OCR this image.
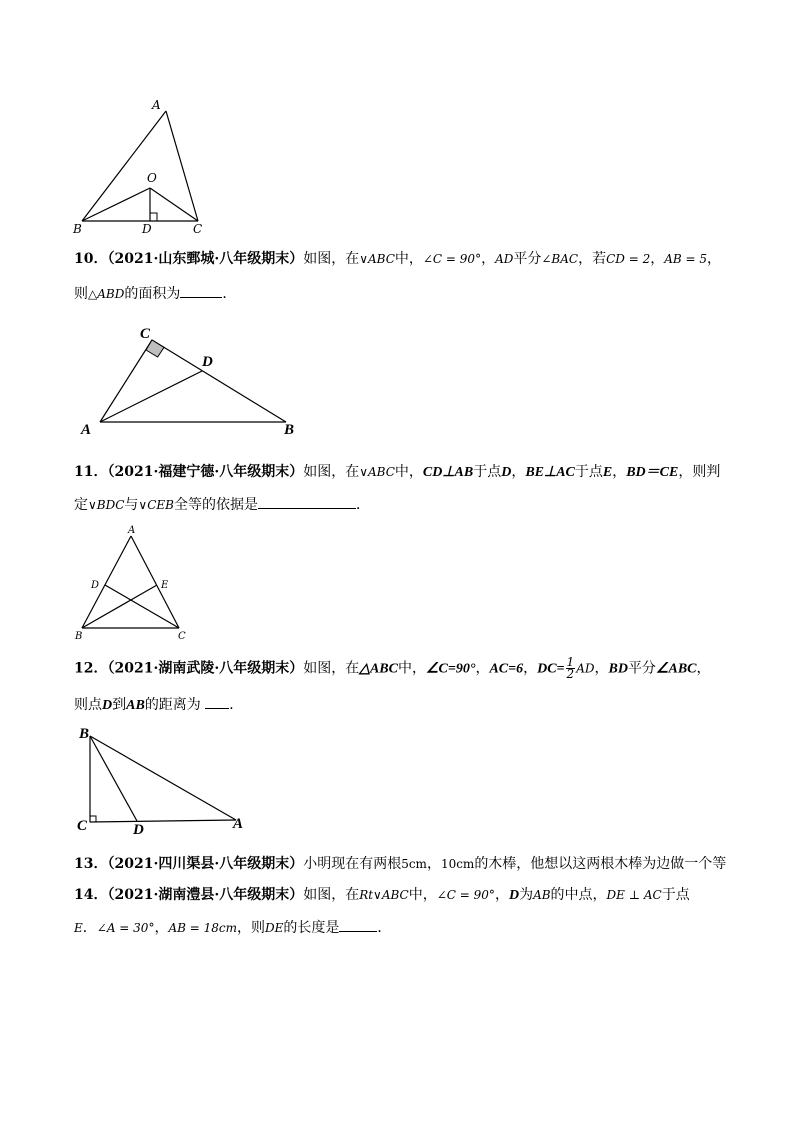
A
O
B	D	C
10．（2021·山东鄄城·八年级期末）如图，在∨ABC中，∠C = 90°，AD平分∠BAC，若CD = 2，AB = 5，
则△ABD的面积为	．
C
D
A	B
11．（2021·福建宁德·八年级期末）如图，在∨ABC中，CD⊥AB于点D，BE⊥AC于点E，BD＝CE，则判
定∨BDC与∨CEB全等的依据是	．
A
D	E
B	C
12．（2021·湖南武陵·八年级期末）如图，在△ABC中，∠C=90°，AC=6，$DC= \frac{1}{2}$ AD，BD平分∠ABC，
则点D到AB的距离为 ．
B
C	D	A
13．（2021·四川渠县·八年级期末）小明现在有两根5cm，10cm的木棒，他想以这两根木棒为边做一个等
14．（2021·湖南澧县·八年级期末）如图，在Rt∨ABC中，∠C = 90°，D为AB的中点，DE ⊥ AC于点
E．∠A = 30°，AB = 18cm，则DE的长度是	．
